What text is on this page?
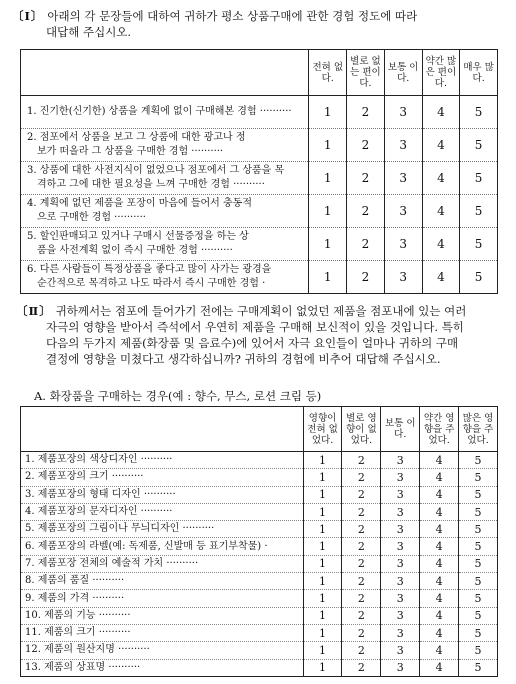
〔Ⅰ〕 아래의 각 문장들에 대하여 귀하가 평소 상품구매에 관한 경험 정도에 따라
대답해 주십시오.
	전혀 없다.	별로 없는 편이다.	보통 이다.	약간 많은 편이다.	매우 많다.

1. 진기한(신기한) 상품을 계획에 없이 구매해본 경험 ··········	1	2	3	4	5

2. 점포에서 상품을 보고 그 상품에 대한 광고나 정
보가 떠올라 그 상품을 구매한 경험 ··········	1	2	3	4	5

3. 상품에 대한 사전지식이 없었으나 점포에서 그 상품을 목
격하고 그에 대한 필요성을 느껴 구매한 경험 ··········	1	2	3	4	5

4. 계획에 없던 제품을 포장이 마음에 들어서 충동적
으로 구매한 경험 ··········	1	2	3	4	5

5. 할인판매되고 있거나 구매시 선물증정을 하는 상
품을 사전계획 없이 즉시 구매한 경험 ··········	1	2	3	4	5

6. 다른 사람들이 특정상품을 좋다고 많이 사가는 광경을
순간적으로 목격하고 나도 따라서 즉시 구매한 경험 ·	1	2	3	4	5
〔Ⅱ〕 귀하께서는 점포에 들어가기 전에는 구매계획이 없었던 제품을 점포내에 있는 여러
자극의 영향을 받아서 즉석에서 우연히 제품을 구매해 보신적이 있을 것입니다. 특히
다음의 두가지 제품(화장품 및 음료수)에 있어서 자극 요인들이 얼마나 귀하의 구매
결정에 영향을 미쳤다고 생각하십니까? 귀하의 경험에 비추어 대답해 주십시오.
A. 화장품을 구매하는 경우(예 : 향수, 무스, 로션 크림 등)
	영향이 전혀 없었다.	별로 영향이 없었다.	보통 이다.	약간 영향을 주었다.	많은 영향을 주었다.
1. 제품포장의 색상디자인 ··········	1	2	3	4	5
2. 제품포장의 크기 ··········	1	2	3	4	5
3. 제품포장의 형태 디자인 ··········	1	2	3	4	5
4. 제품포장의 문자디자인 ··········	1	2	3	4	5
5. 제품포장의 그림이나 무늬디자인 ··········	1	2	3	4	5
6. 제품포장의 라벨(예: 독제품, 신발매 등 표기부착물) ·	1	2	3	4	5
7. 제품포장 전체의 예술적 가치 ··········	1	2	3	4	5
8. 제품의 품질 ··········	1	2	3	4	5
9. 제품의 가격 ··········	1	2	3	4	5
10. 제품의 기능 ··········	1	2	3	4	5
11. 제품의 크기 ··········	1	2	3	4	5
12. 제품의 원산지명 ··········	1	2	3	4	5
13. 제품의 상표명 ··········	1	2	3	4	5
